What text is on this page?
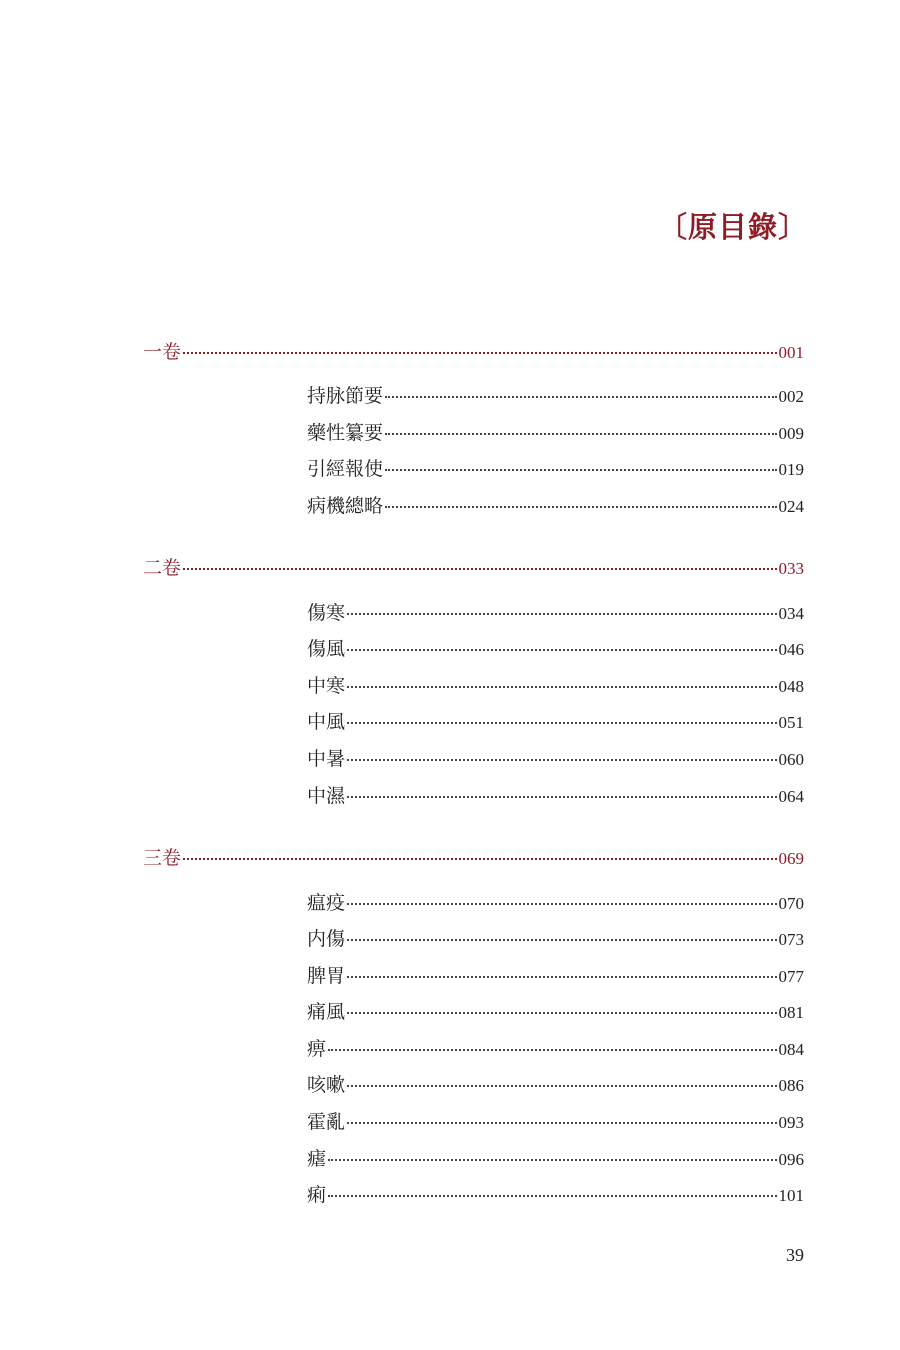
〔原目錄〕
一卷	001
持脉節要	002
藥性纂要	009
引經報使	019
病機總略	024
二卷	033
傷寒	034
傷風	046
中寒	048
中風	051
中暑	060
中濕	064
三卷	069
瘟疫	070
内傷	073
脾胃	077
痛風	081
痹	084
咳嗽	086
霍亂	093
瘧	096
痢	101
39
